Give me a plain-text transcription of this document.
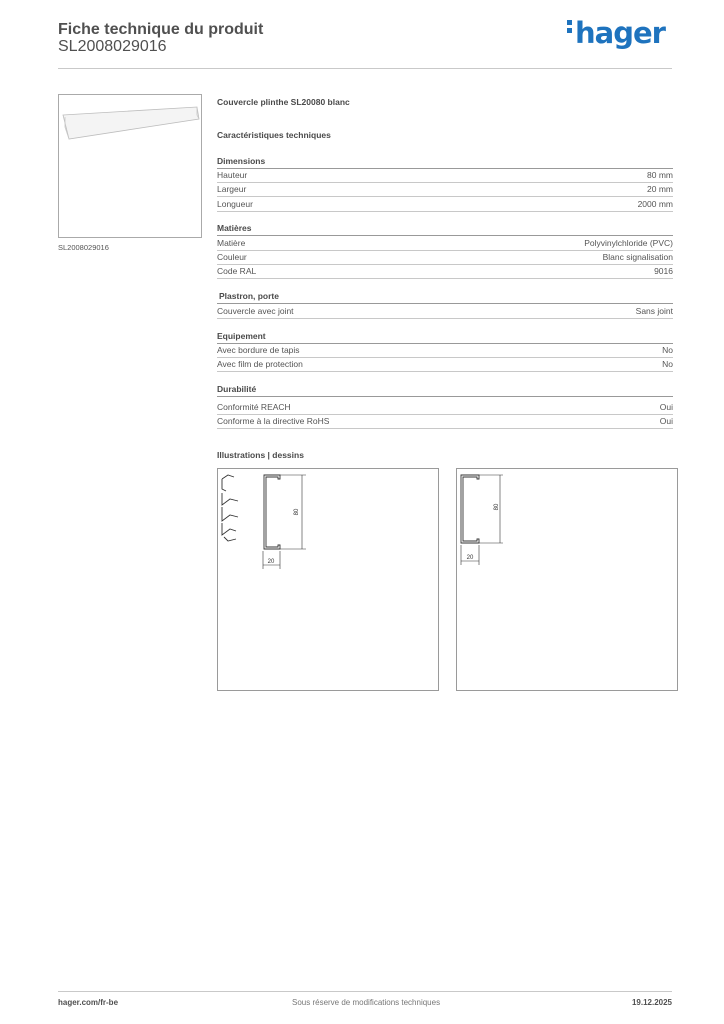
Fiche technique du produit
SL2008029016	hager
SL2008029016
Couvercle plinthe SL20080 blanc
Caractéristiques techniques
Dimensions
Hauteur	80 mm
Largeur	20 mm
Longueur	2000 mm
Matières
Matière	Polyvinylchloride (PVC)
Couleur	Blanc signalisation
Code RAL	9016
Plastron, porte
Couvercle avec joint	Sans joint
Equipement
Avec bordure de tapis	No
Avec film de protection	No
Durabilité
Conformité REACH	Oui
Conforme à la directive RoHS	Oui
Illustrations | dessins
80
20
80
20
hager.com/fr-be	Sous réserve de modifications techniques	19.12.2025
